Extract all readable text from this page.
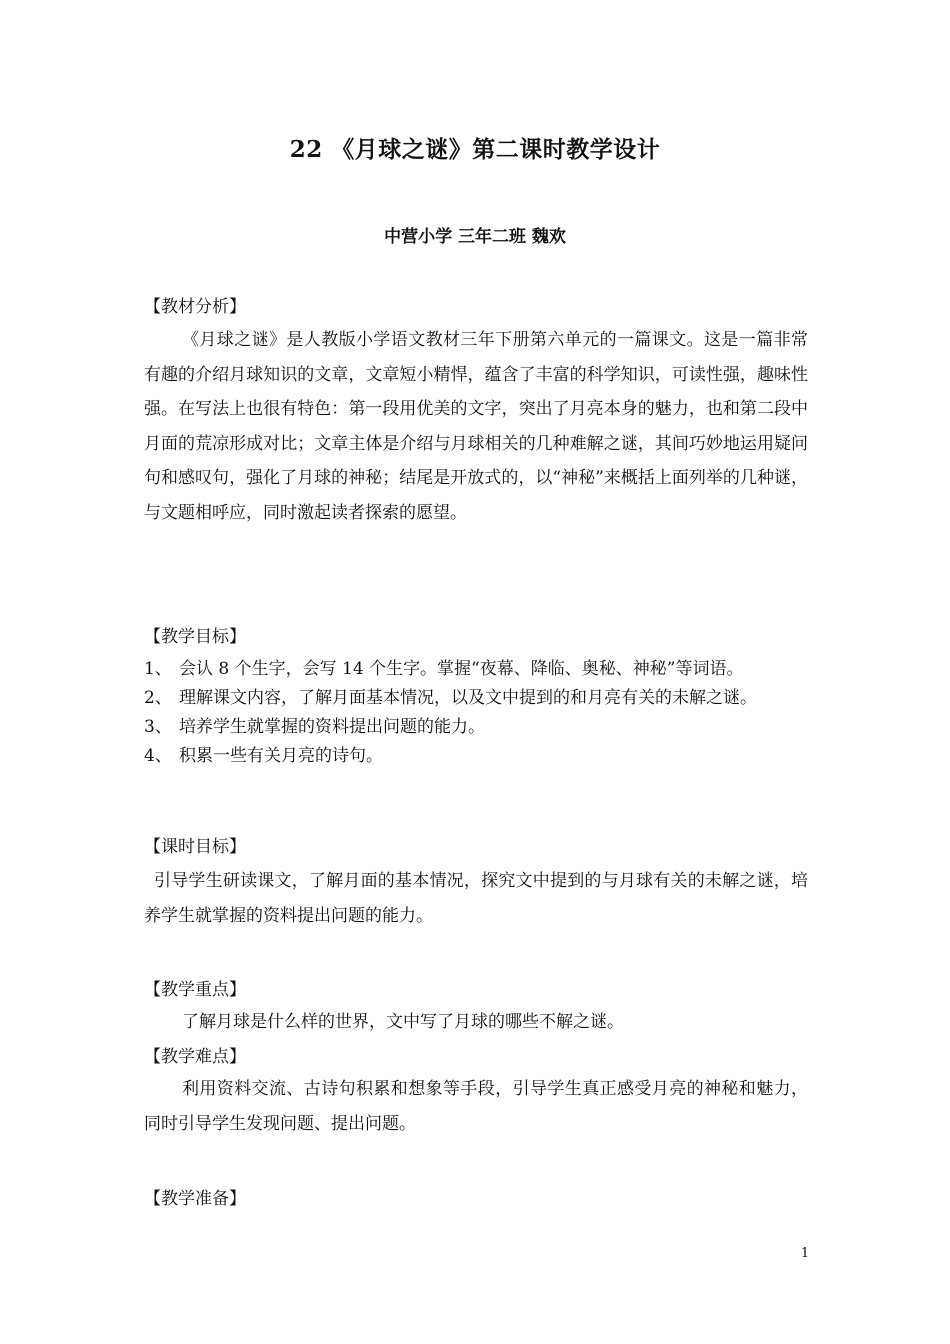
22 《月球之谜》第二课时教学设计
中营小学 三年二班 魏欢
【教材分析】
《月球之谜》是人教版小学语文教材三年下册第六单元的一篇课文。这是一篇非常有趣的介绍月球知识的文章，文章短小精悍，蕴含了丰富的科学知识，可读性强，趣味性强。在写法上也很有特色：第一段用优美的文字，突出了月亮本身的魅力，也和第二段中月面的荒凉形成对比；文章主体是介绍与月球相关的几种难解之谜，其间巧妙地运用疑问句和感叹句，强化了月球的神秘；结尾是开放式的，以“神秘”来概括上面列举的几种谜，与文题相呼应，同时激起读者探索的愿望。
【教学目标】
1、 会认 8 个生字，会写 14 个生字。掌握“夜幕、降临、奥秘、神秘”等词语。
2、 理解课文内容，了解月面基本情况，以及文中提到的和月亮有关的未解之谜。
3、 培养学生就掌握的资料提出问题的能力。
4、 积累一些有关月亮的诗句。
【课时目标】
引导学生研读课文，了解月面的基本情况，探究文中提到的与月球有关的未解之谜，培养学生就掌握的资料提出问题的能力。
【教学重点】
了解月球是什么样的世界，文中写了月球的哪些不解之谜。
【教学难点】
利用资料交流、古诗句积累和想象等手段，引导学生真正感受月亮的神秘和魅力，同时引导学生发现问题、提出问题。
【教学准备】
1
